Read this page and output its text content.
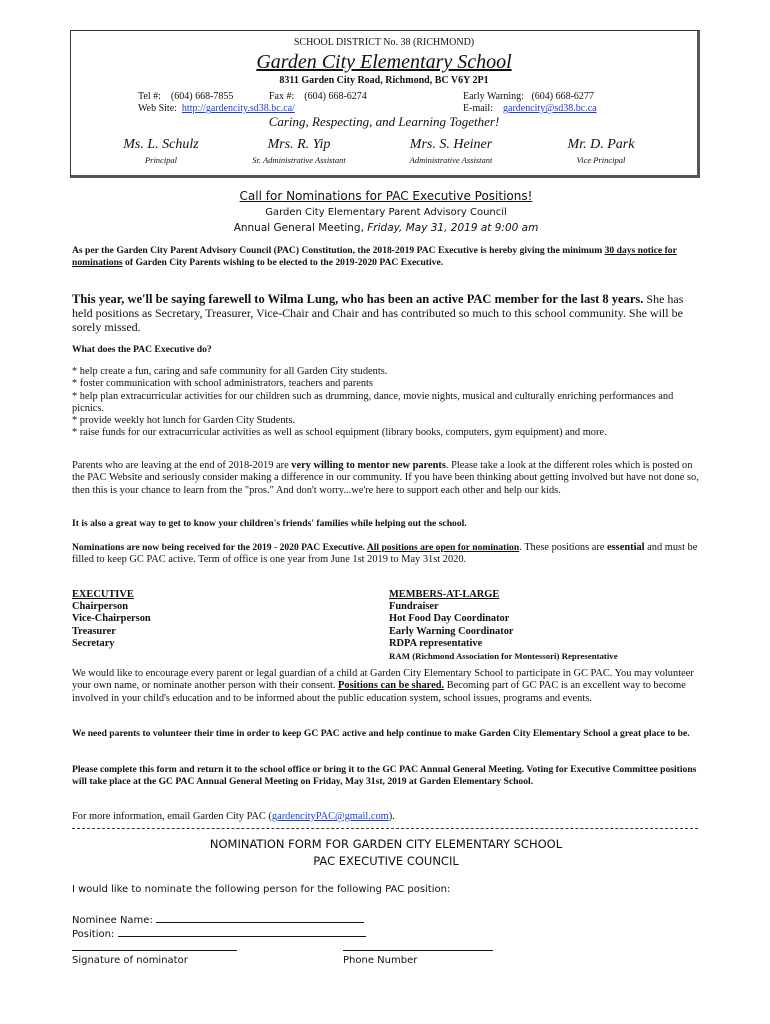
SCHOOL DISTRICT No. 38 (RICHMOND)
Garden City Elementary School
8311 Garden City Road, Richmond, BC V6Y 2P1
Tel #: (604) 668-7855	Fax #: (604) 668-6274	Early Warning: (604) 668-6277
Web Site: http://gardencity.sd38.bc.ca/	E-mail: gardencity@sd38.bc.ca
Caring, Respecting, and Learning Together!
Ms. L. Schulz
Principal
Mrs. R. Yip
Sr. Administrative Assistant
Mrs. S. Heiner
Administrative Assistant
Mr. D. Park
Vice Principal
Call for Nominations for PAC Executive Positions!
Garden City Elementary Parent Advisory Council
Annual General Meeting, Friday, May 31, 2019 at 9:00 am
As per the Garden City Parent Advisory Council (PAC) Constitution, the 2018-2019 PAC Executive is hereby giving the minimum 30 days notice for nominations of Garden City Parents wishing to be elected to the 2019-2020 PAC Executive.
This year, we'll be saying farewell to Wilma Lung, who has been an active PAC member for the last 8 years. She has held positions as Secretary, Treasurer, Vice-Chair and Chair and has contributed so much to this school community. She will be sorely missed.
What does the PAC Executive do?
* help create a fun, caring and safe community for all Garden City students.
* foster communication with school administrators, teachers and parents
* help plan extracurricular activities for our children such as drumming, dance, movie nights, musical and culturally enriching performances and picnics.
* provide weekly hot lunch for Garden City Students.
* raise funds for our extracurricular activities as well as school equipment (library books, computers, gym equipment) and more.
Parents who are leaving at the end of 2018-2019 are very willing to mentor new parents. Please take a look at the different roles which is posted on the PAC Website and seriously consider making a difference in our community. If you have been thinking about getting involved but have not done so, then this is your chance to learn from the "pros." And don't worry...we're here to support each other and help our kids.
It is also a great way to get to know your children's friends' families while helping out the school.
Nominations are now being received for the 2019 - 2020 PAC Executive. All positions are open for nomination. These positions are essential and must be filled to keep GC PAC active. Term of office is one year from June 1st 2019 to May 31st 2020.
EXECUTIVE
Chairperson
Vice-Chairperson
Treasurer
Secretary
MEMBERS-AT-LARGE
Fundraiser
Hot Food Day Coordinator
Early Warning Coordinator
RDPA representative
RAM (Richmond Association for Montessori) Representative
We would like to encourage every parent or legal guardian of a child at Garden City Elementary School to participate in GC PAC. You may volunteer your own name, or nominate another person with their consent. Positions can be shared. Becoming part of GC PAC is an excellent way to become involved in your child's education and to be informed about the public education system, school issues, programs and events.
We need parents to volunteer their time in order to keep GC PAC active and help continue to make Garden City Elementary School a great place to be.
Please complete this form and return it to the school office or bring it to the GC PAC Annual General Meeting. Voting for Executive Committee positions will take place at the GC PAC Annual General Meeting on Friday, May 31st, 2019 at Garden Elementary School.
For more information, email Garden City PAC (gardencityPAC@gmail.com).
NOMINATION FORM FOR GARDEN CITY ELEMENTARY SCHOOL
PAC EXECUTIVE COUNCIL
I would like to nominate the following person for the following PAC position:
Nominee Name:
Position:
Signature of nominator	Phone Number
